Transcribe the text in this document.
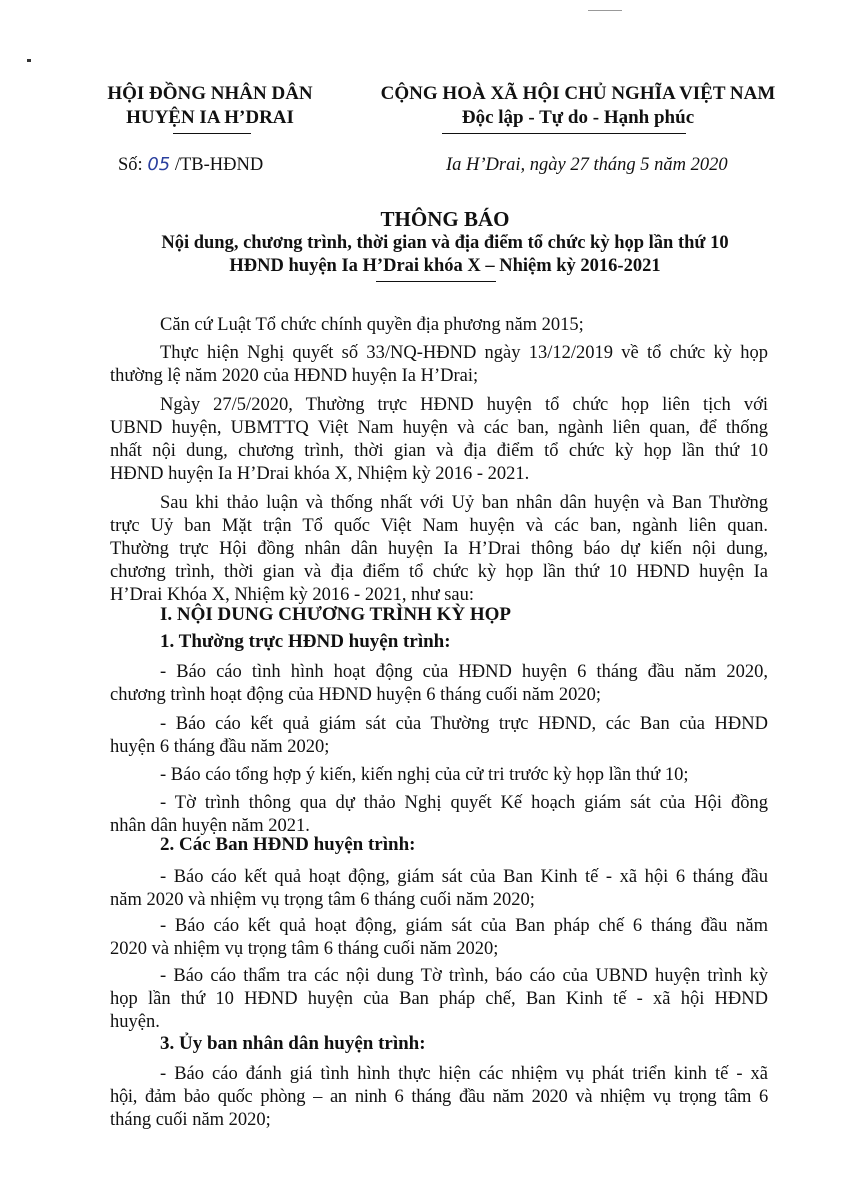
HỘI ĐỒNG NHÂN DÂN
HUYỆN IA H’DRAI
CỘNG HOÀ XÃ HỘI CHỦ NGHĨA VIỆT NAM
Độc lập - Tự do - Hạnh phúc
Số: 05 /TB-HĐND	Ia H’Drai, ngày 27 tháng 5 năm 2020
THÔNG BÁO
Nội dung, chương trình, thời gian và địa điểm tổ chức kỳ họp lần thứ 10
HĐND huyện Ia H’Drai khóa X – Nhiệm kỳ 2016-2021
Căn cứ Luật Tổ chức chính quyền địa phương năm 2015;
Thực hiện Nghị quyết số 33/NQ-HĐND ngày 13/12/2019 về tổ chức kỳ họp
thường lệ năm 2020 của HĐND huyện Ia H’Drai;
Ngày 27/5/2020, Thường trực HĐND huyện tổ chức họp liên tịch với
UBND huyện, UBMTTQ Việt Nam huyện và các ban, ngành liên quan, để thống
nhất nội dung, chương trình, thời gian và địa điểm tổ chức kỳ họp lần thứ 10
HĐND huyện Ia H’Drai khóa X, Nhiệm kỳ 2016 - 2021.
Sau khi thảo luận và thống nhất với Uỷ ban nhân dân huyện và Ban Thường
trực Uỷ ban Mặt trận Tổ quốc Việt Nam huyện và các ban, ngành liên quan.
Thường trực Hội đồng nhân dân huyện Ia H’Drai thông báo dự kiến nội dung,
chương trình, thời gian và địa điểm tổ chức kỳ họp lần thứ 10 HĐND huyện Ia
H’Drai Khóa X, Nhiệm kỳ 2016 - 2021, như sau:
I. NỘI DUNG CHƯƠNG TRÌNH KỲ HỌP
1. Thường trực HĐND huyện trình:
- Báo cáo tình hình hoạt động của HĐND huyện 6 tháng đầu năm 2020,
chương trình hoạt động của HĐND huyện 6 tháng cuối năm 2020;
- Báo cáo kết quả giám sát của Thường trực HĐND, các Ban của HĐND
huyện 6 tháng đầu năm 2020;
- Báo cáo tổng hợp ý kiến, kiến nghị của cử tri trước kỳ họp lần thứ 10;
- Tờ trình thông qua dự thảo Nghị quyết Kế hoạch giám sát của Hội đồng
nhân dân huyện năm 2021.
2. Các Ban HĐND huyện trình:
- Báo cáo kết quả hoạt động, giám sát của Ban Kinh tế - xã hội 6 tháng đầu
năm 2020 và nhiệm vụ trọng tâm 6 tháng cuối năm 2020;
- Báo cáo kết quả hoạt động, giám sát của Ban pháp chế 6 tháng đầu năm
2020 và nhiệm vụ trọng tâm 6 tháng cuối năm 2020;
- Báo cáo thẩm tra các nội dung Tờ trình, báo cáo của UBND huyện trình kỳ
họp lần thứ 10 HĐND huyện của Ban pháp chế, Ban Kinh tế - xã hội HĐND
huyện.
3. Ủy ban nhân dân huyện trình:
- Báo cáo đánh giá tình hình thực hiện các nhiệm vụ phát triển kinh tế - xã
hội, đảm bảo quốc phòng – an ninh 6 tháng đầu năm 2020 và nhiệm vụ trọng tâm 6
tháng cuối năm 2020;
